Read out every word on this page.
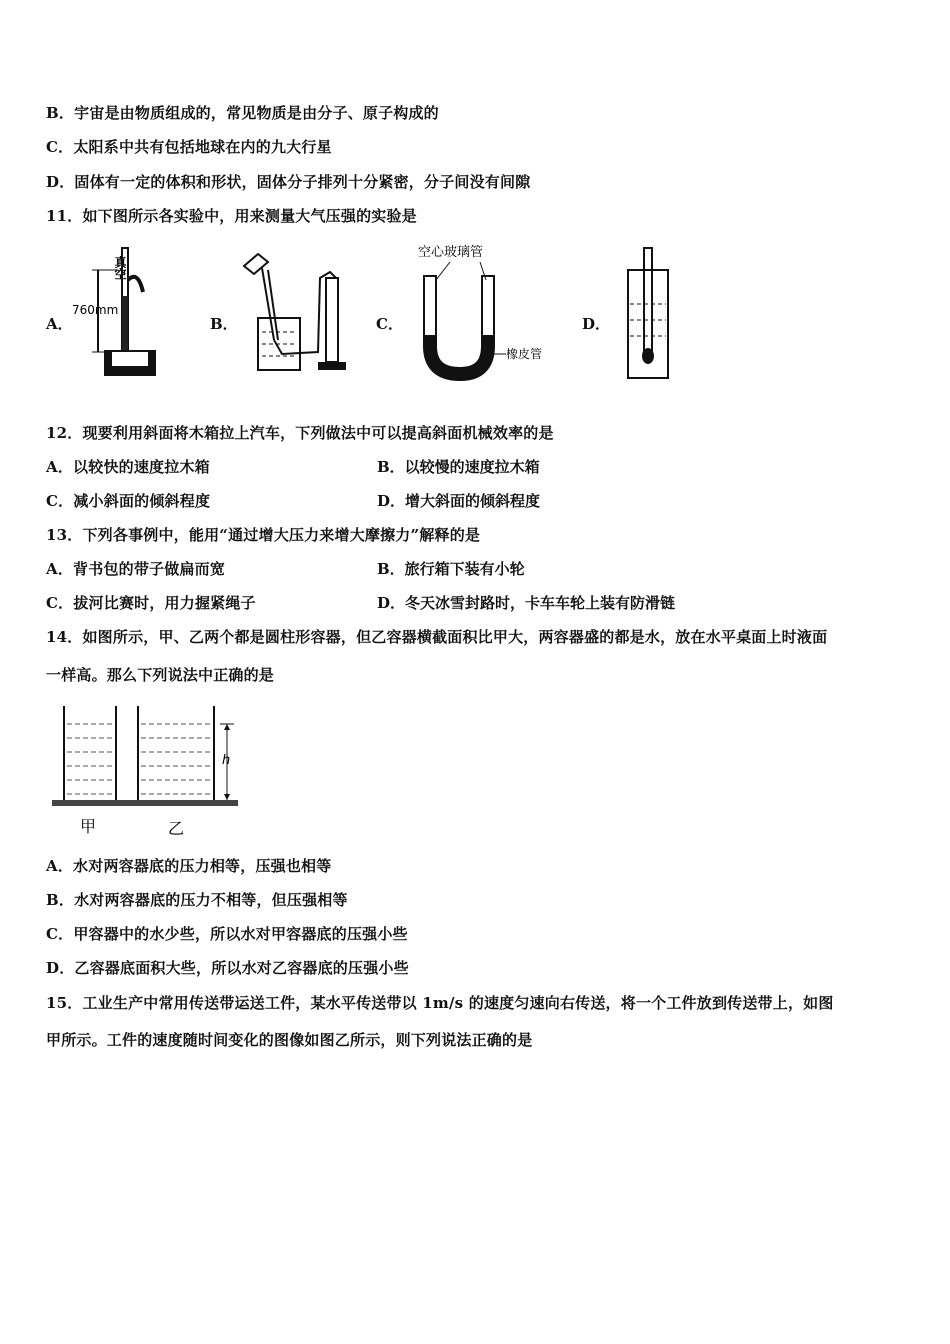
B．宇宙是由物质组成的，常见物质是由分子、原子构成的
C．太阳系中共有包括地球在内的九大行星
D．固体有一定的体积和形状，固体分子排列十分紧密，分子间没有间隙
11．如下图所示各实验中，用来测量大气压强的实验是
A．
真空
760mm
B．	C．
空心玻璃管
橡皮管
D．
12．现要利用斜面将木箱拉上汽车，下列做法中可以提高斜面机械效率的是
A．以较快的速度拉木箱	B．以较慢的速度拉木箱
C．减小斜面的倾斜程度	D．增大斜面的倾斜程度
13．下列各事例中，能用“通过增大压力来增大摩擦力”解释的是
A．背书包的带子做扁而宽	B．旅行箱下装有小轮
C．拔河比赛时，用力握紧绳子	D．冬天冰雪封路时，卡车车轮上装有防滑链
14．如图所示，甲、乙两个都是圆柱形容器，但乙容器横截面积比甲大，两容器盛的都是水，放在水平桌面上时液面
一样高。那么下列说法中正确的是
h
甲	乙
A．水对两容器底的压力相等，压强也相等
B．水对两容器底的压力不相等，但压强相等
C．甲容器中的水少些，所以水对甲容器底的压强小些
D．乙容器底面积大些，所以水对乙容器底的压强小些
15．工业生产中常用传送带运送工件，某水平传送带以 1m/s 的速度匀速向右传送，将一个工件放到传送带上，如图
甲所示。工件的速度随时间变化的图像如图乙所示，则下列说法正确的是
